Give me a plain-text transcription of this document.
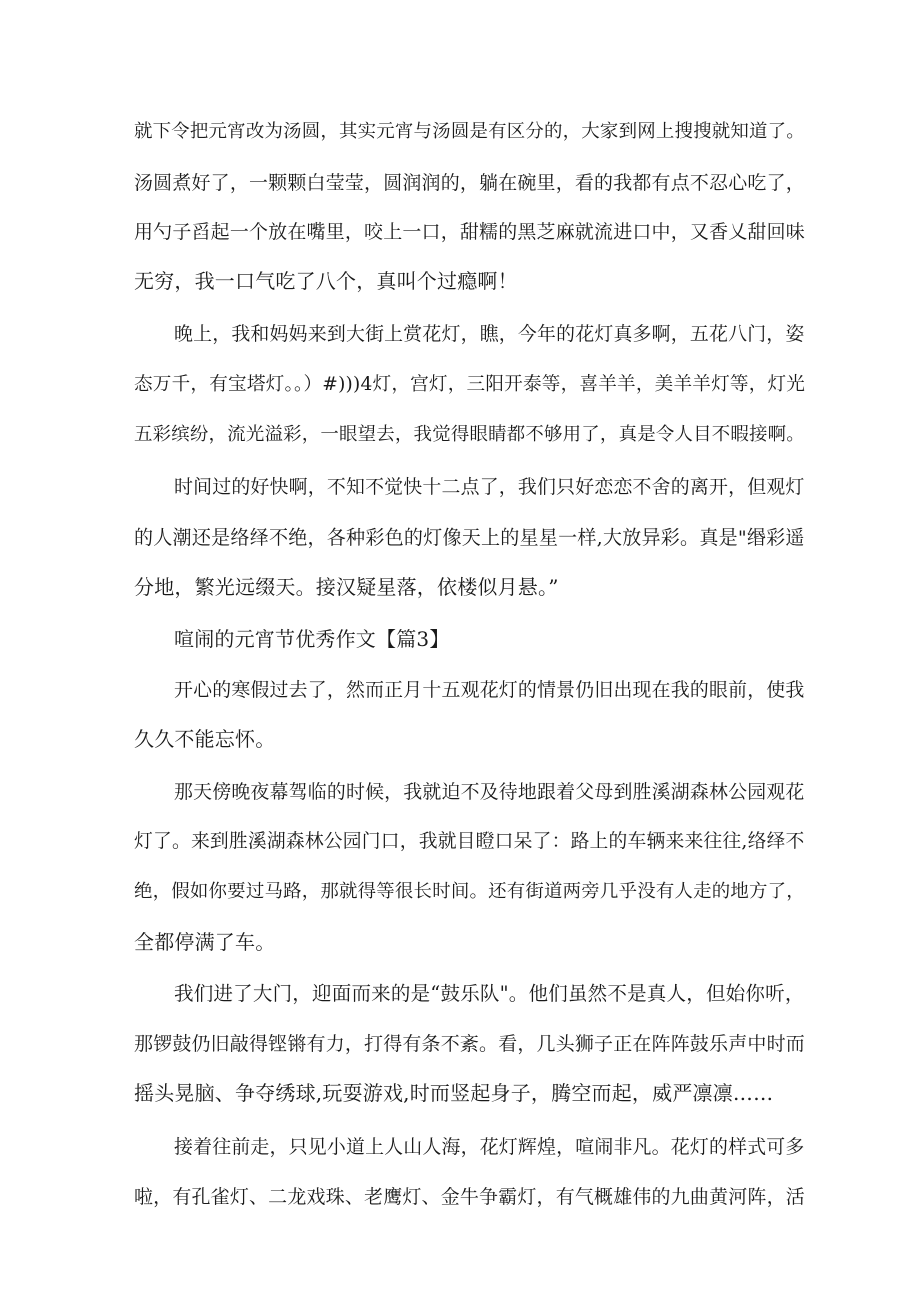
就下令把元宵改为汤圆，其实元宵与汤圆是有区分的，大家到网上搜搜就知道了。
汤圆煮好了，一颗颗白莹莹，圆润润的，躺在碗里，看的我都有点不忍心吃了，
用勺子舀起一个放在嘴里，咬上一口，甜糯的黑芝麻就流进口中，又香乂甜回味
无穷，我一口气吃了八个，真叫个过瘾啊！
晚上，我和妈妈来到大街上赏花灯，瞧，今年的花灯真多啊，五花八门，姿
态万千，有宝塔灯。。）#)))4灯，宫灯，三阳开泰等，喜羊羊，美羊羊灯等，灯光
五彩缤纷，流光溢彩，一眼望去，我觉得眼睛都不够用了，真是令人目不暇接啊。
时间过的好快啊，不知不觉快十二点了，我们只好恋恋不舍的离开，但观灯
的人潮还是络绎不绝，各种彩色的灯像天上的星星一样,大放异彩。真是"缗彩遥
分地，繁光远缀天。接汉疑星落，依楼似月悬。”
喧闹的元宵节优秀作文【篇3】
开心的寒假过去了，然而正月十五观花灯的情景仍旧出现在我的眼前，使我
久久不能忘怀。
那天傍晚夜幕驾临的时候，我就迫不及待地跟着父母到胜溪湖森林公园观花
灯了。来到胜溪湖森林公园门口，我就目瞪口呆了：路上的车辆来来往往,络绎不
绝，假如你要过马路，那就得等很长时间。还有街道两旁几乎没有人走的地方了，
全都停满了车。
我们进了大门，迎面而来的是“鼓乐队"。他们虽然不是真人，但始你听，
那锣鼓仍旧敲得铿锵有力，打得有条不紊。看，几头狮子正在阵阵鼓乐声中时而
摇头晃脑、争夺绣球,玩耍游戏,时而竖起身子，腾空而起，威严凛凛……
接着往前走，只见小道上人山人海，花灯辉煌，喧闹非凡。花灯的样式可多
啦，有孔雀灯、二龙戏珠、老鹰灯、金牛争霸灯，有气概雄伟的九曲黄河阵，活
